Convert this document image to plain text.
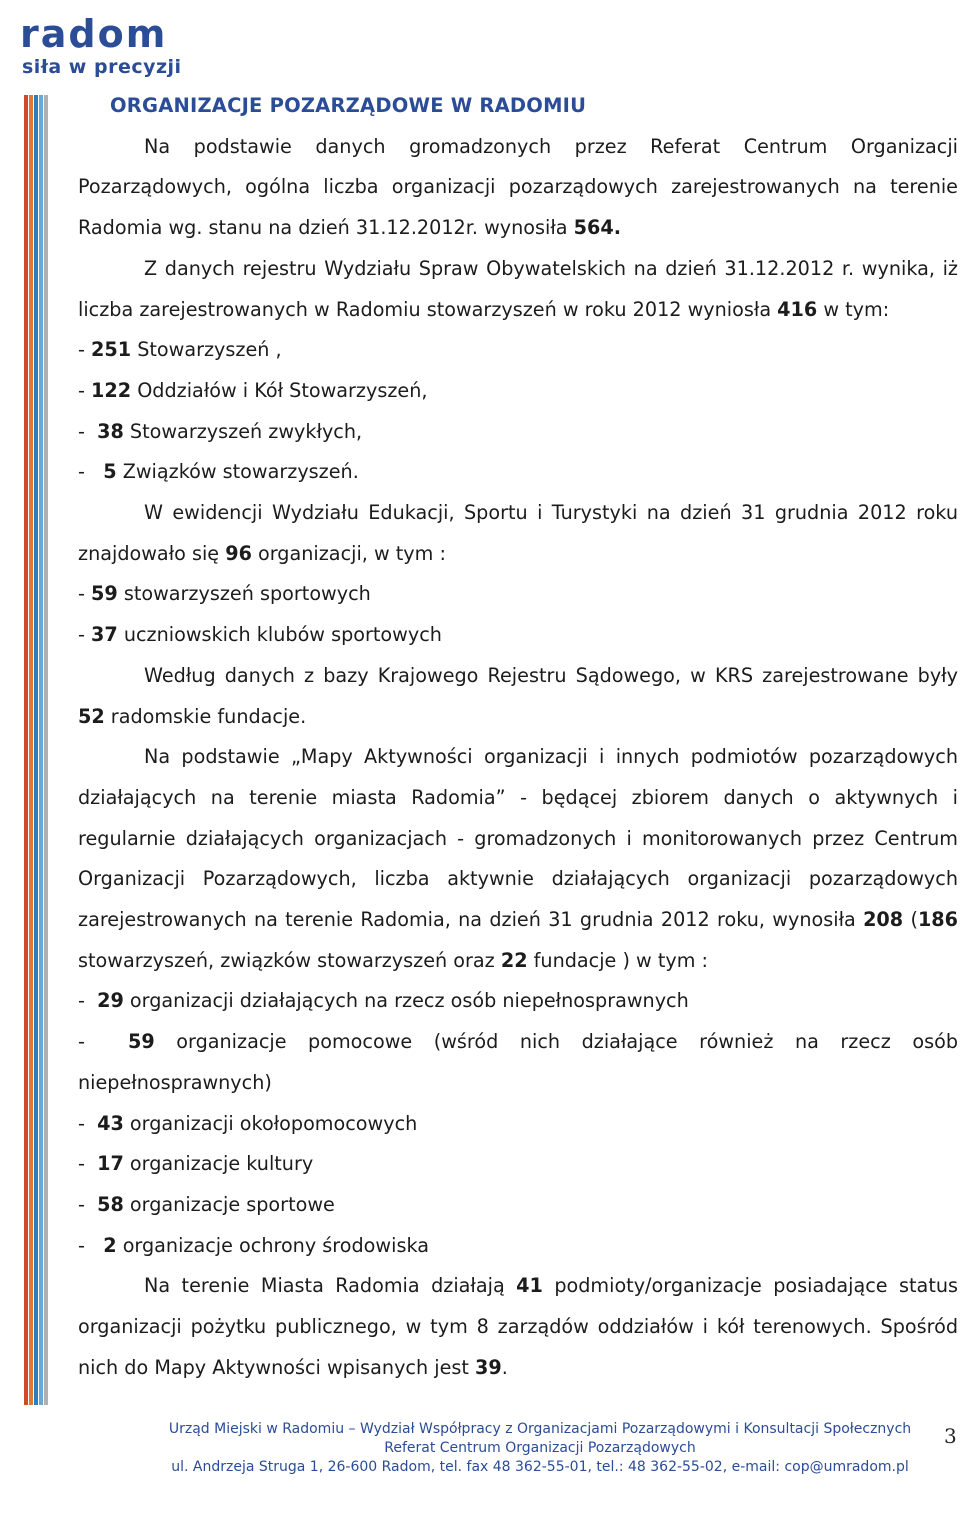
radom
siła w precyzji
ORGANIZACJE POZARZĄDOWE W RADOMIU

Na podstawie danych gromadzonych przez Referat Centrum Organizacji Pozarządowych, ogólna liczba organizacji pozarządowych zarejestrowanych na terenie Radomia wg. stanu na dzień 31.12.2012r. wynosiła 564.

Z danych rejestru Wydziału Spraw Obywatelskich na dzień 31.12.2012 r. wynika, iż liczba zarejestrowanych w Radomiu stowarzyszeń w roku 2012 wyniosła 416 w tym:

- 251 Stowarzyszeń ,
- 122 Oddziałów i Kół Stowarzyszeń,
-  38 Stowarzyszeń zwykłych,
-   5 Związków stowarzyszeń.

W ewidencji Wydziału Edukacji, Sportu i Turystyki na dzień 31 grudnia 2012 roku znajdowało się 96 organizacji, w tym :

- 59 stowarzyszeń sportowych
- 37 uczniowskich klubów sportowych

Według danych z bazy Krajowego Rejestru Sądowego, w KRS zarejestrowane były 52 radomskie fundacje.

Na podstawie „Mapy Aktywności organizacji i innych podmiotów pozarządowych działających na terenie miasta Radomia” - będącej zbiorem danych o aktywnych i regularnie działających organizacjach - gromadzonych i monitorowanych przez Centrum Organizacji Pozarządowych, liczba aktywnie działających organizacji pozarządowych zarejestrowanych na terenie Radomia, na dzień 31 grudnia 2012 roku, wynosiła 208 (186 stowarzyszeń, związków stowarzyszeń oraz 22 fundacje ) w tym :

-  29 organizacji działających na rzecz osób niepełnosprawnych

-  59 organizacje pomocowe (wśród nich działające również na rzecz osób niepełnosprawnych)

-  43 organizacji okołopomocowych
-  17 organizacje kultury
-  58 organizacje sportowe
-   2 organizacje ochrony środowiska

Na terenie Miasta Radomia działają 41 podmioty/organizacje posiadające status organizacji pożytku publicznego, w tym 8 zarządów oddziałów i kół terenowych. Spośród nich do Mapy Aktywności wpisanych jest 39.

Urząd Miejski w Radomiu – Wydział Współpracy z Organizacjami Pozarządowymi i Konsultacji Społecznych
Referat Centrum Organizacji Pozarządowych
ul. Andrzeja Struga 1, 26-600 Radom, tel. fax 48 362-55-01, tel.: 48 362-55-02, e-mail: cop@umradom.pl
3
